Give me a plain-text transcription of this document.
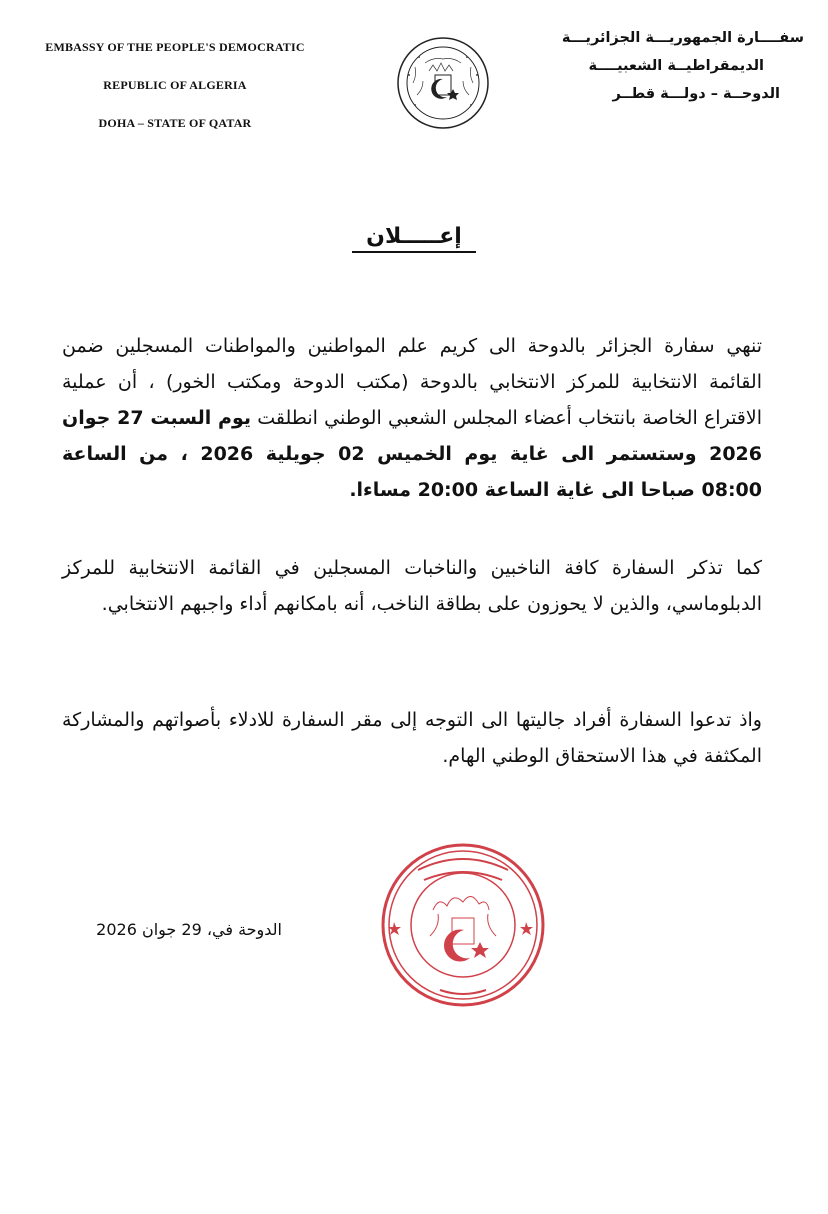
EMBASSY OF THE PEOPLE'S DEMOCRATIC
REPUBLIC OF ALGERIA
DOHA – STATE OF QATAR
سفــــارة الجمهوريـــة الجزائريـــة
الديمقراطيــة الشعبيــــة
الدوحــة – دولـــة قطــر
إعـــــلان
تنهي سفارة الجزائر بالدوحة الى كريم علم المواطنين والمواطنات المسجلين ضمن القائمة الانتخابية للمركز الانتخابي بالدوحة (مكتب الدوحة ومكتب الخور) ، أن عملية الاقتراع الخاصة بانتخاب أعضاء المجلس الشعبي الوطني انطلقت يوم السبت 27 جوان 2026 وستستمر الى غاية يوم الخميس 02 جويلية 2026 ، من الساعة 08:00 صباحا الى غاية الساعة 20:00 مساءا.
كما تذكر السفارة كافة الناخبين والناخبات المسجلين في القائمة الانتخابية للمركز الدبلوماسي، والذين لا يحوزون على بطاقة الناخب، أنه بامكانهم أداء واجبهم الانتخابي.
واذ تدعوا السفارة أفراد جاليتها الى التوجه إلى مقر السفارة للادلاء بأصواتهم والمشاركة المكثفة في هذا الاستحقاق الوطني الهام.
الدوحة في، 29 جوان 2026
